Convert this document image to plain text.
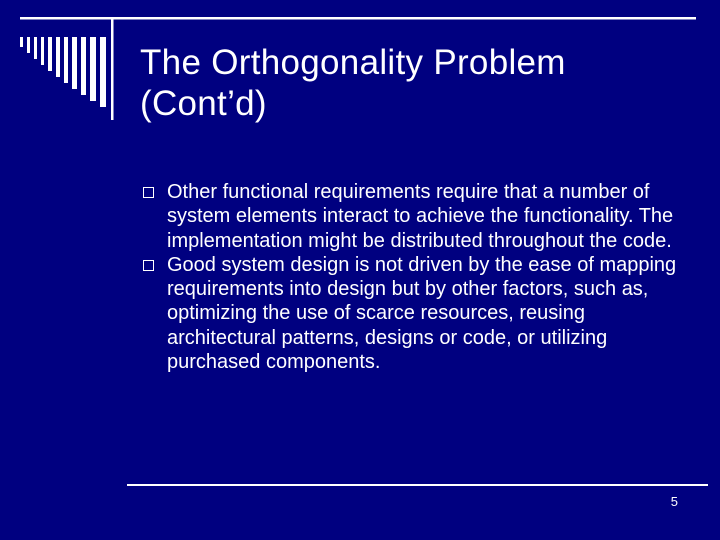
The Orthogonality Problem
(Cont’d)
Other functional requirements require that a number of system elements interact to achieve the functionality. The implementation might be distributed throughout the code.
Good system design is not driven by the ease of mapping requirements into design but by other factors, such as, optimizing the use of scarce resources, reusing architectural patterns, designs or code, or utilizing purchased components.
5
